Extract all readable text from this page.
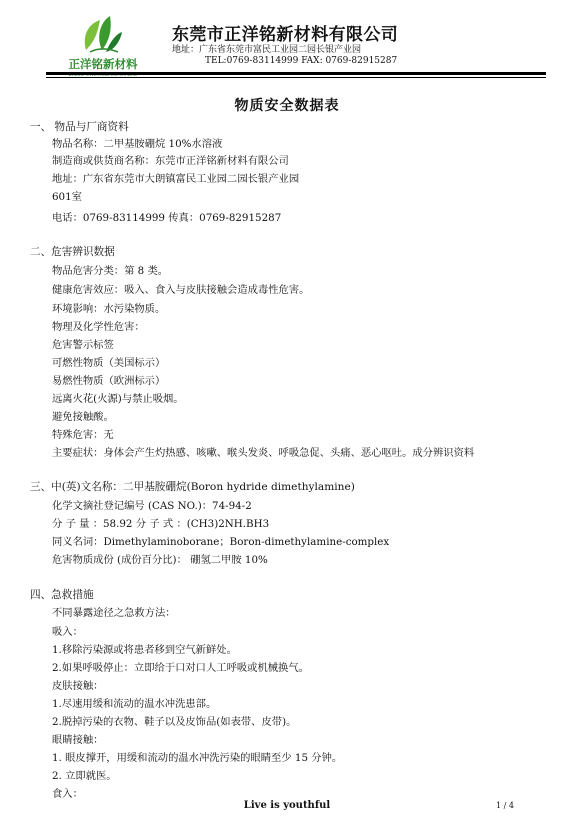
正洋铭新材料
东莞市正洋铭新材料有限公司
地址：广东省东莞市富民工业园二园长银产业园
TEL:0769-83114999 FAX: 0769-82915287
物质安全数据表
一、 物品与厂商资料
物品名称：二甲基胺硼烷 10%水溶液
制造商或供货商名称：东莞市正洋铭新材料有限公司
地址：广东省东莞市大朗镇富民工业园二园长银产业园
601室
电话：0769-83114999 传真：0769-82915287
二、危害辨识数据
物品危害分类：第 8 类。
健康危害效应：吸入、食入与皮肤接触会造成毒性危害。
环境影响：水污染物质。
物理及化学性危害：
危害警示标签
可燃性物质（美国标示）
易燃性物质（欧洲标示）
远离火花(火源)与禁止吸烟。
避免接触酸。
特殊危害：无
主要症状：身体会产生灼热感、咳嗽、喉头发炎、呼吸急促、头痛、恶心呕吐。成分辨识资料
三、中(英)文名称：二甲基胺硼烷(Boron hydride dimethylamine)
化学文摘社登记编号 (CAS NO.)：74-94-2
分 子 量 ：58.92 分 子 式 ：(CH3)2NH.BH3
同义名词：Dimethylaminoborane；Boron-dimethylamine-complex
危害物质成份 (成份百分比)： 硼氢二甲胺 10%
四、急救措施
不同暴露途径之急救方法：
吸入：
1.移除污染源或将患者移到空气新鲜处。
2.如果呼吸停止：立即给于口对口人工呼吸或机械换气。
皮肤接触：
1.尽速用缓和流动的温水冲洗患部。
2.脱掉污染的衣物、鞋子以及皮饰品(如表带、皮带)。
眼睛接触：
1. 眼皮撑开，用缓和流动的温水冲洗污染的眼睛至少 15 分钟。
2. 立即就医。
食入：
Live is youthful	1 / 4
